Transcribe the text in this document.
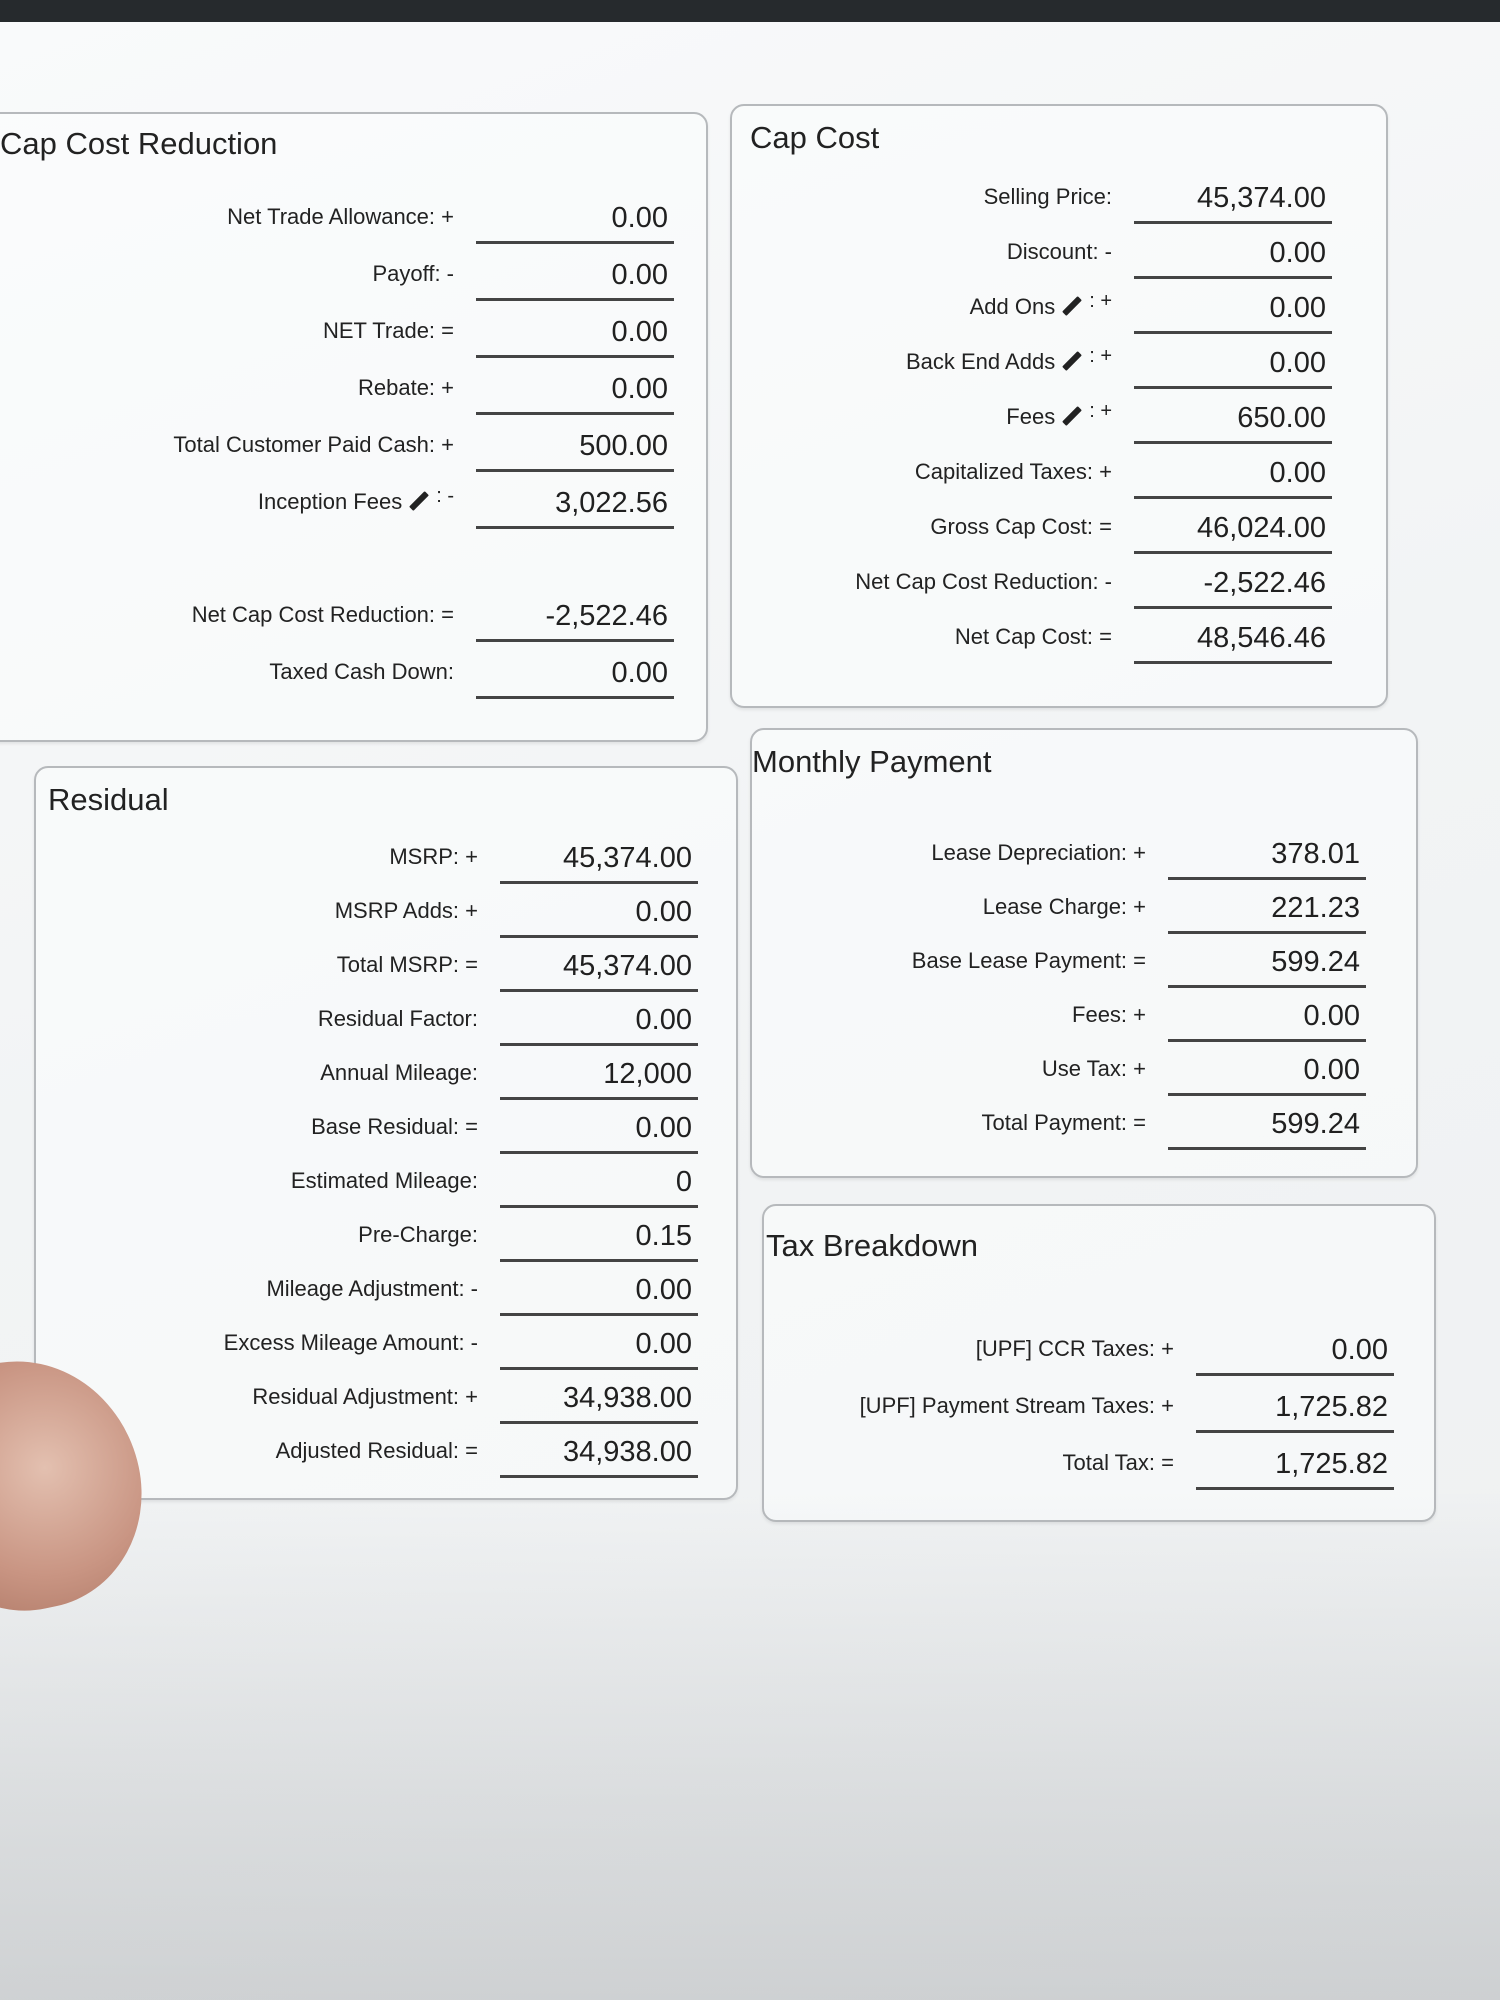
Cap Cost Reduction
Net Trade Allowance: +	0.00
Payoff: -	0.00
NET Trade: =	0.00
Rebate: +	0.00
Total Customer Paid Cash: +	500.00
Inception Fees : -	3,022.56
Net Cap Cost Reduction: =	-2,522.46
Taxed Cash Down:	0.00
Cap Cost
Selling Price:	45,374.00
Discount: -	0.00
Add Ons : +	0.00
Back End Adds : +	0.00
Fees : +	650.00
Capitalized Taxes: +	0.00
Gross Cap Cost: =	46,024.00
Net Cap Cost Reduction: -	-2,522.46
Net Cap Cost: =	48,546.46
Residual
MSRP: +	45,374.00
MSRP Adds: +	0.00
Total MSRP: =	45,374.00
Residual Factor:	0.00
Annual Mileage:	12,000
Base Residual: =	0.00
Estimated Mileage:	0
Pre-Charge:	0.15
Mileage Adjustment: -	0.00
Excess Mileage Amount: -	0.00
Residual Adjustment: +	34,938.00
Adjusted Residual: =	34,938.00
Monthly Payment
Lease Depreciation: +	378.01
Lease Charge: +	221.23
Base Lease Payment: =	599.24
Fees: +	0.00
Use Tax: +	0.00
Total Payment: =	599.24
Tax Breakdown
[UPF] CCR Taxes: +	0.00
[UPF] Payment Stream Taxes: +	1,725.82
Total Tax: =	1,725.82
